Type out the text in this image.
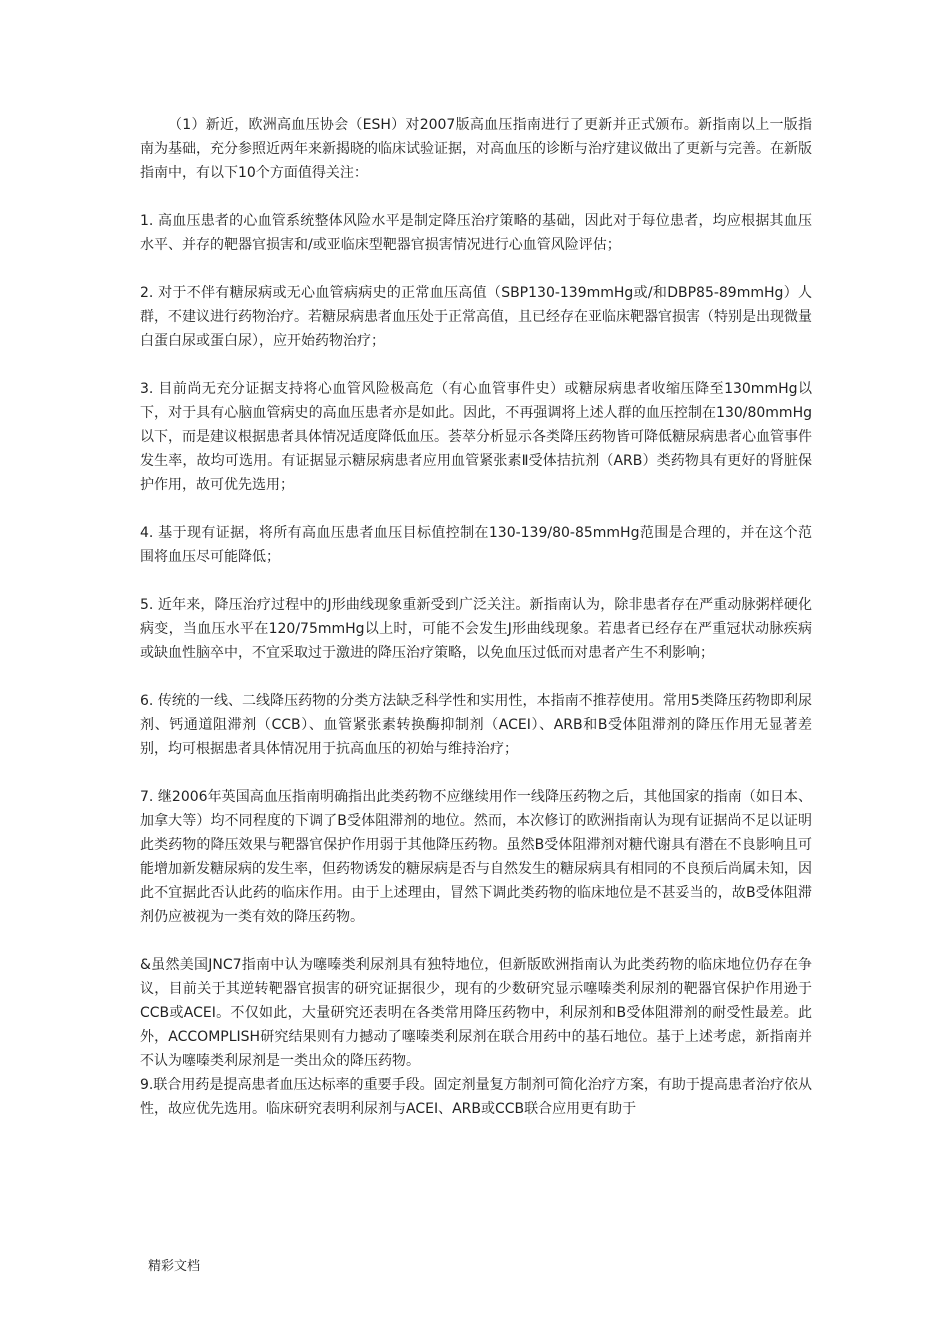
（1）新近，欧洲高血压协会（ESH）对2007版高血压指南进行了更新并正式颁布。新指南以上一版指南为基础，充分参照近两年来新揭晓的临床试验证据，对高血压的诊断与治疗建议做出了更新与完善。在新版指南中，有以下10个方面值得关注：

1. 高血压患者的心血管系统整体风险水平是制定降压治疗策略的基础，因此对于每位患者，均应根据其血压水平、并存的靶器官损害和/或亚临床型靶器官损害情况进行心血管风险评估；

2. 对于不伴有糖尿病或无心血管病病史的正常血压高值（SBP130-139mmHg或/和DBP85-89mmHg）人群，不建议进行药物治疗。若糖尿病患者血压处于正常高值，且已经存在亚临床靶器官损害（特别是出现微量白蛋白尿或蛋白尿），应开始药物治疗；

3. 目前尚无充分证据支持将心血管风险极高危（有心血管事件史）或糖尿病患者收缩压降至130mmHg以下，对于具有心脑血管病史的高血压患者亦是如此。因此，不再强调将上述人群的血压控制在130/80mmHg以下，而是建议根据患者具体情况适度降低血压。荟萃分析显示各类降压药物皆可降低糖尿病患者心血管事件发生率，故均可选用。有证据显示糖尿病患者应用血管紧张素Ⅱ受体拮抗剂（ARB）类药物具有更好的肾脏保护作用，故可优先选用；

4. 基于现有证据，将所有高血压患者血压目标值控制在130-139/80-85mmHg范围是合理的，并在这个范围将血压尽可能降低；

5. 近年来，降压治疗过程中的J形曲线现象重新受到广泛关注。新指南认为，除非患者存在严重动脉粥样硬化病变，当血压水平在120/75mmHg以上时，可能不会发生J形曲线现象。若患者已经存在严重冠状动脉疾病或缺血性脑卒中，不宜采取过于激进的降压治疗策略，以免血压过低而对患者产生不利影响；

6. 传统的一线、二线降压药物的分类方法缺乏科学性和实用性，本指南不推荐使用。常用5类降压药物即利尿剂、钙通道阻滞剂（CCB）、血管紧张素转换酶抑制剂（ACEI）、ARB和B受体阻滞剂的降压作用无显著差别，均可根据患者具体情况用于抗高血压的初始与维持治疗；

7. 继2006年英国高血压指南明确指出此类药物不应继续用作一线降压药物之后，其他国家的指南（如日本、加拿大等）均不同程度的下调了B受体阻滞剂的地位。然而，本次修订的欧洲指南认为现有证据尚不足以证明此类药物的降压效果与靶器官保护作用弱于其他降压药物。虽然B受体阻滞剂对糖代谢具有潜在不良影响且可能增加新发糖尿病的发生率，但药物诱发的糖尿病是否与自然发生的糖尿病具有相同的不良预后尚属未知，因此不宜据此否认此药的临床作用。由于上述理由，冒然下调此类药物的临床地位是不甚妥当的，故B受体阻滞剂仍应被视为一类有效的降压药物。

&虽然美国JNC7指南中认为噻嗪类利尿剂具有独特地位，但新版欧洲指南认为此类药物的临床地位仍存在争议，目前关于其逆转靶器官损害的研究证据很少，现有的少数研究显示噻嗪类利尿剂的靶器官保护作用逊于CCB或ACEI。不仅如此，大量研究还表明在各类常用降压药物中，利尿剂和B受体阻滞剂的耐受性最差。此外，ACCOMPLISH研究结果则有力撼动了噻嗪类利尿剂在联合用药中的基石地位。基于上述考虑，新指南并不认为噻嗪类利尿剂是一类出众的降压药物。

9.联合用药是提高患者血压达标率的重要手段。固定剂量复方制剂可简化治疗方案，有助于提高患者治疗依从性，故应优先选用。临床研究表明利尿剂与ACEI、ARB或CCB联合应用更有助于

精彩文档
